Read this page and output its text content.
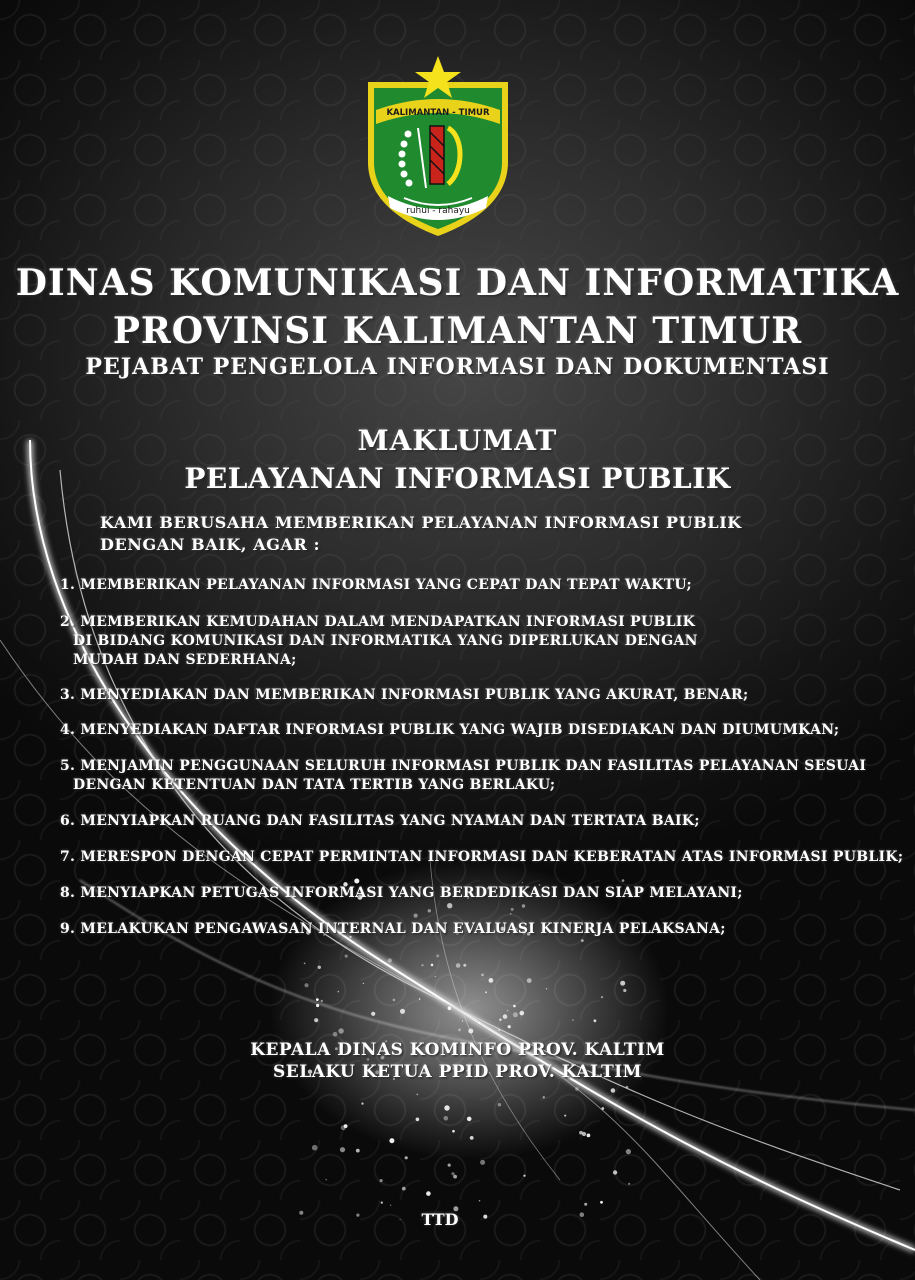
KALIMANTAN - TIMUR
ruhui - rahayu
DINAS KOMUNIKASI DAN INFORMATIKA
PROVINSI KALIMANTAN TIMUR
PEJABAT PENGELOLA INFORMASI DAN DOKUMENTASI
MAKLUMAT
PELAYANAN INFORMASI PUBLIK
KAMI BERUSAHA MEMBERIKAN PELAYANAN INFORMASI PUBLIK
DENGAN BAIK, AGAR :
1. MEMBERIKAN PELAYANAN INFORMASI YANG CEPAT DAN TEPAT WAKTU;
2. MEMBERIKAN KEMUDAHAN DALAM MENDAPATKAN INFORMASI PUBLIK
DI BIDANG KOMUNIKASI DAN INFORMATIKA YANG DIPERLUKAN DENGAN
MUDAH DAN SEDERHANA;
3. MENYEDIAKAN DAN MEMBERIKAN INFORMASI PUBLIK YANG AKURAT, BENAR;
4. MENYEDIAKAN DAFTAR INFORMASI PUBLIK YANG WAJIB DISEDIAKAN DAN DIUMUMKAN;
5. MENJAMIN PENGGUNAAN SELURUH INFORMASI PUBLIK DAN FASILITAS PELAYANAN SESUAI
DENGAN KETENTUAN DAN TATA TERTIB YANG BERLAKU;
6. MENYIAPKAN RUANG DAN FASILITAS YANG NYAMAN DAN TERTATA BAIK;
7. MERESPON DENGAN CEPAT PERMINTAN INFORMASI DAN KEBERATAN ATAS INFORMASI PUBLIK;
8. MENYIAPKAN PETUGAS INFORMASI YANG BERDEDIKASI DAN SIAP MELAYANI;
9. MELAKUKAN PENGAWASAN INTERNAL DAN EVALUASI KINERJA PELAKSANA;
KEPALA DINAS KOMINFO PROV. KALTIM
SELAKU KETUA PPID PROV. KALTIM
TTD
